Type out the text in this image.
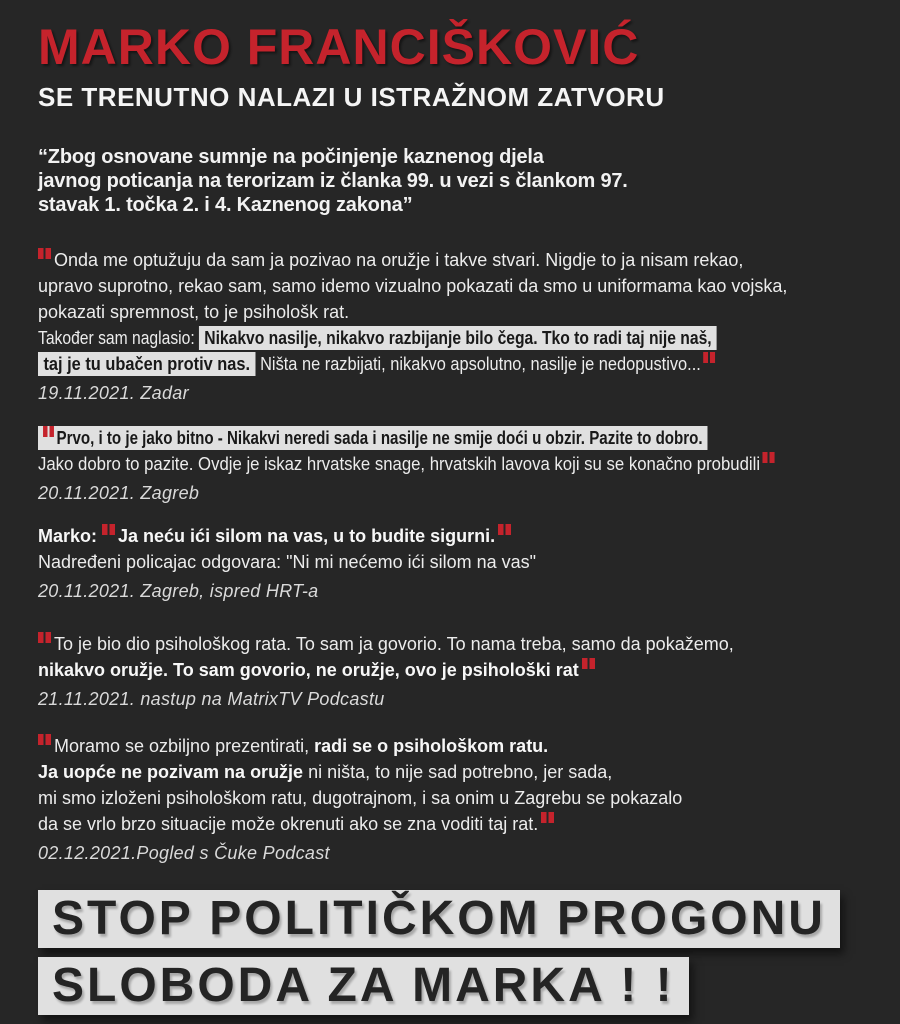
MARKO FRANCIŠKOVIĆ
SE TRENUTNO NALAZI U ISTRAŽNOM ZATVORU
“Zbog osnovane sumnje na počinjenje kaznenog djela
javnog poticanja na terorizam iz članka 99. u vezi s člankom 97.
stavak 1. točka 2. i 4. Kaznenog zakona”
Onda me optužuju da sam ja pozivao na oružje i takve stvari. Nigdje to ja nisam rekao,
upravo suprotno, rekao sam, samo idemo vizualno pokazati da smo u uniformama kao vojska,
pokazati spremnost, to je psihološk rat.
Također sam naglasio: Nikakvo nasilje, nikakvo razbijanje bilo čega. Tko to radi taj nije naš,
taj je tu ubačen protiv nas. Ništa ne razbijati, nikakvo apsolutno, nasilje je nedopustivo...
19.11.2021. Zadar
Prvo, i to je jako bitno - Nikakvi neredi sada i nasilje ne smije doći u obzir. Pazite to dobro.
Jako dobro to pazite. Ovdje je iskaz hrvatske snage, hrvatskih lavova koji su se konačno probudili
20.11.2021. Zagreb
Marko: Ja neću ići silom na vas, u to budite sigurni.
Nadređeni policajac odgovara: "Ni mi nećemo ići silom na vas"
20.11.2021. Zagreb, ispred HRT-a
To je bio dio psihološkog rata. To sam ja govorio. To nama treba, samo da pokažemo,
nikakvo oružje. To sam govorio, ne oružje, ovo je psihološki rat
21.11.2021. nastup na MatrixTV Podcastu
Moramo se ozbiljno prezentirati, radi se o psihološkom ratu.
Ja uopće ne pozivam na oružje ni ništa, to nije sad potrebno, jer sada,
mi smo izloženi psihološkom ratu, dugotrajnom, i sa onim u Zagrebu se pokazalo
da se vrlo brzo situacije može okrenuti ako se zna voditi taj rat.
02.12.2021.Pogled s Čuke Podcast
STOP POLITIČKOM PROGONU
SLOBODA ZA MARKA ! !
